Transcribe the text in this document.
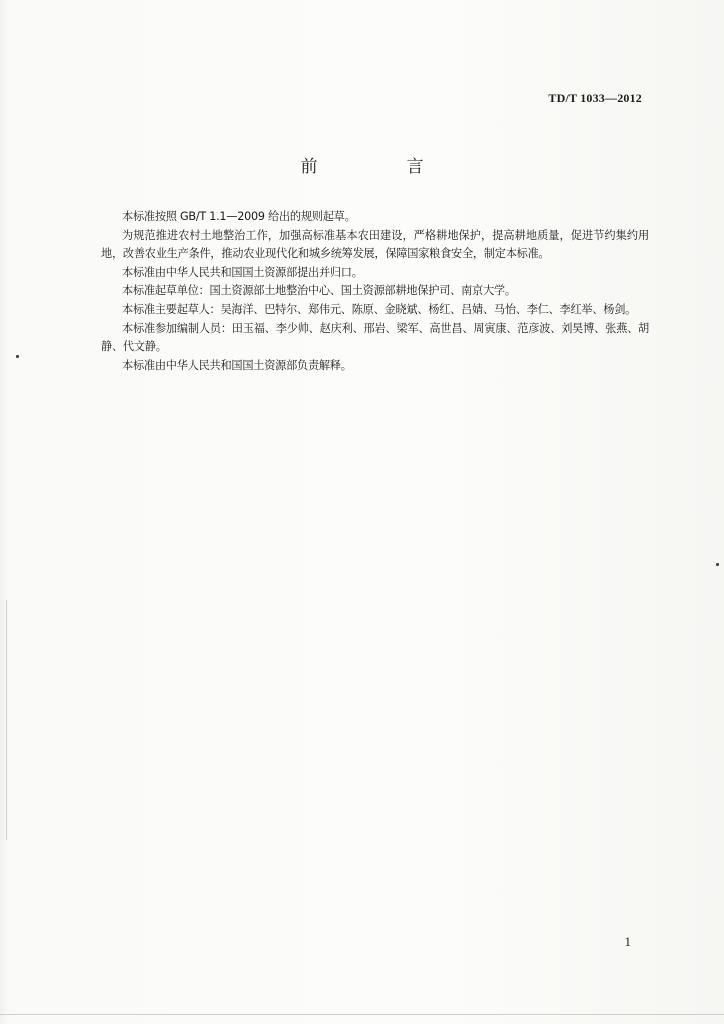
TD/T 1033—2012
前　言

本标准按照 GB/T 1.1—2009 给出的规则起草。

为规范推进农村土地整治工作，加强高标准基本农田建设，严格耕地保护，提高耕地质量，促进节约集约用地，改善农业生产条件，推动农业现代化和城乡统筹发展，保障国家粮食安全，制定本标准。

本标准由中华人民共和国国土资源部提出并归口。

本标准起草单位：国土资源部土地整治中心、国土资源部耕地保护司、南京大学。

本标准主要起草人：吴海洋、巴特尔、郑伟元、陈原、金晓斌、杨红、吕婧、马怡、李仁、李红举、杨剑。

本标准参加编制人员：田玉福、李少帅、赵庆利、邢岩、梁军、高世昌、周寅康、范彦波、刘昊博、张燕、胡静、代文静。

本标准由中华人民共和国国土资源部负责解释。

1
